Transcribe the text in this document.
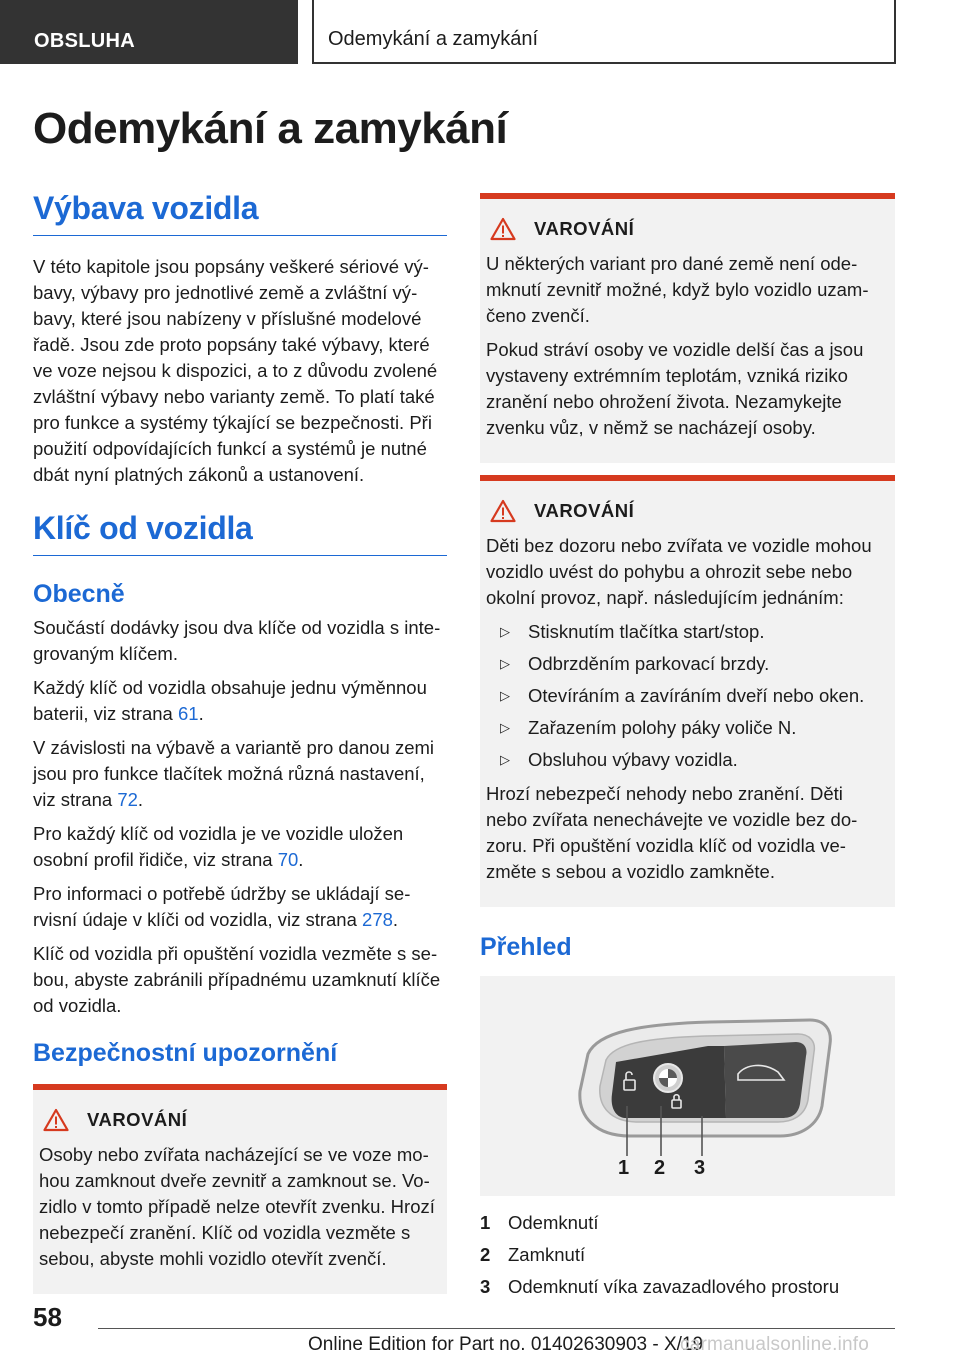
OBSLUHA	Odemykání a zamykání
Odemykání a zamykání
Výbava vozidla

V této kapitole jsou popsány veškeré sériové výbavy, výbavy pro jednotlivé země a zvláštní výbavy, které jsou nabízeny v příslušné modelové řadě. Jsou zde proto popsány také výbavy, které ve voze nejsou k dispozici, a to z důvodu zvolené zvláštní výbavy nebo varianty země. To platí také pro funkce a systémy týkající se bezpečnosti. Při použití odpovídajících funkcí a systémů je nutné dbát nyní platných zákonů a ustanovení.

Klíč od vozidla
Obecně

Součástí dodávky jsou dva klíče od vozidla s integrovaným klíčem.

Každý klíč od vozidla obsahuje jednu výměnnou baterii, viz strana 61.

V závislosti na výbavě a variantě pro danou zemi jsou pro funkce tlačítek možná různá nastavení, viz strana 72.

Pro každý klíč od vozidla je ve vozidle uložen osobní profil řidiče, viz strana 70.

Pro informaci o potřebě údržby se ukládají servisní údaje v klíči od vozidla, viz strana 278.

Klíč od vozidla při opuštění vozidla vezměte s sebou, abyste zabránili případnému uzamknutí klíče od vozidla.

Bezpečnostní upozornění
VAROVÁNÍ

Osoby nebo zvířata nacházející se ve voze mohou zamknout dveře zevnitř a zamknout se. Vozidlo v tomto případě nelze otevřít zvenku. Hrozí nebezpečí zranění. Klíč od vozidla vezměte s sebou, abyste mohli vozidlo otevřít zvenčí.

VAROVÁNÍ

U některých variant pro dané země není odemknutí zevnitř možné, když bylo vozidlo uzamčeno zvenčí.

Pokud stráví osoby ve vozidle delší čas a jsou vystaveny extrémním teplotám, vzniká riziko zranění nebo ohrožení života. Nezamykejte zvenku vůz, v němž se nacházejí osoby.

VAROVÁNÍ

Děti bez dozoru nebo zvířata ve vozidle mohou vozidlo uvést do pohybu a ohrozit sebe nebo okolní provoz, např. následujícím jednáním:

▷ Stisknutím tlačítka start/stop.
▷ Odbrzděním parkovací brzdy.
▷ Otevíráním a zavíráním dveří nebo oken.
▷ Zařazením polohy páky voliče N.
▷ Obsluhou výbavy vozidla.

Hrozí nebezpečí nehody nebo zranění. Děti nebo zvířata nenechávejte ve vozidle bez dozoru. Při opuštění vozidla klíč od vozidla vezměte s sebou a vozidlo zamkněte.

Přehled
1 2 3
1 Odemknutí
2 Zamknutí
3 Odemknutí víka zavazadlového prostoru
58
Online Edition for Part no. 01402630903 - X/19
carmanualsonline.info
